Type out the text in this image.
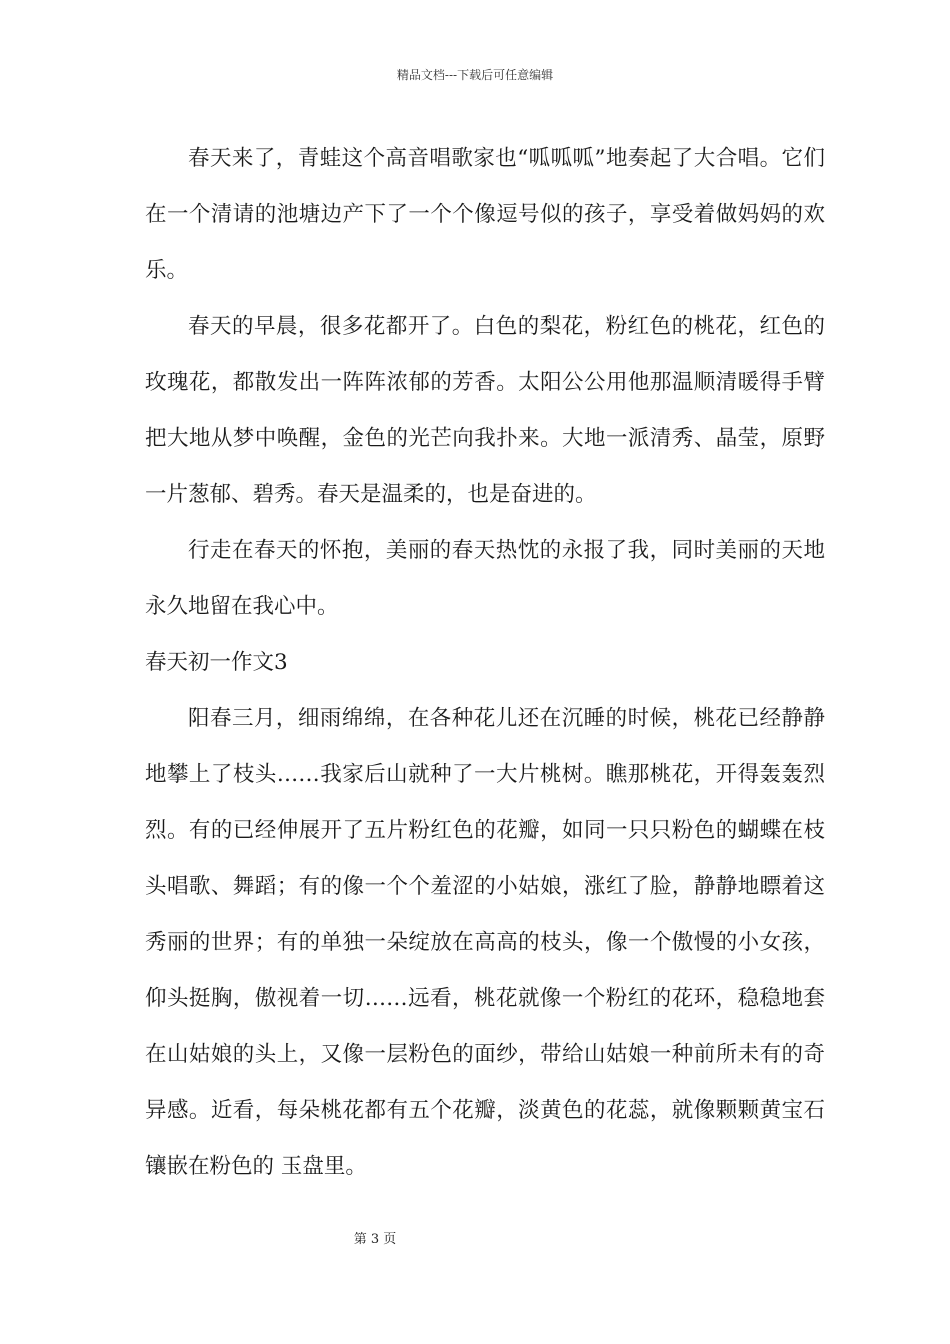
精品文档---下载后可任意编辑

春天来了，青蛙这个高音唱歌家也“呱呱呱”地奏起了大合唱。它们在一个清请的池塘边产下了一个个像逗号似的孩子，享受着做妈妈的欢乐。

春天的早晨，很多花都开了。白色的梨花，粉红色的桃花，红色的玫瑰花，都散发出一阵阵浓郁的芳香。太阳公公用他那温顺清暖得手臂把大地从梦中唤醒，金色的光芒向我扑来。大地一派清秀、晶莹，原野一片葱郁、碧秀。春天是温柔的，也是奋进的。

行走在春天的怀抱，美丽的春天热忱的永报了我，同时美丽的天地永久地留在我心中。

春天初一作文3

阳春三月，细雨绵绵，在各种花儿还在沉睡的时候，桃花已经静静地攀上了枝头……我家后山就种了一大片桃树。瞧那桃花，开得轰轰烈烈。有的已经伸展开了五片粉红色的花瓣，如同一只只粉色的蝴蝶在枝头唱歌、舞蹈；有的像一个个羞涩的小姑娘，涨红了脸，静静地瞟着这秀丽的世界；有的单独一朵绽放在高高的枝头，像一个傲慢的小女孩，仰头挺胸，傲视着一切……远看，桃花就像一个粉红的花环，稳稳地套在山姑娘的头上，又像一层粉色的面纱，带给山姑娘一种前所未有的奇异感。近看，每朵桃花都有五个花瓣，淡黄色的花蕊，就像颗颗黄宝石镶嵌在粉色的 玉盘里。

第 3 页
